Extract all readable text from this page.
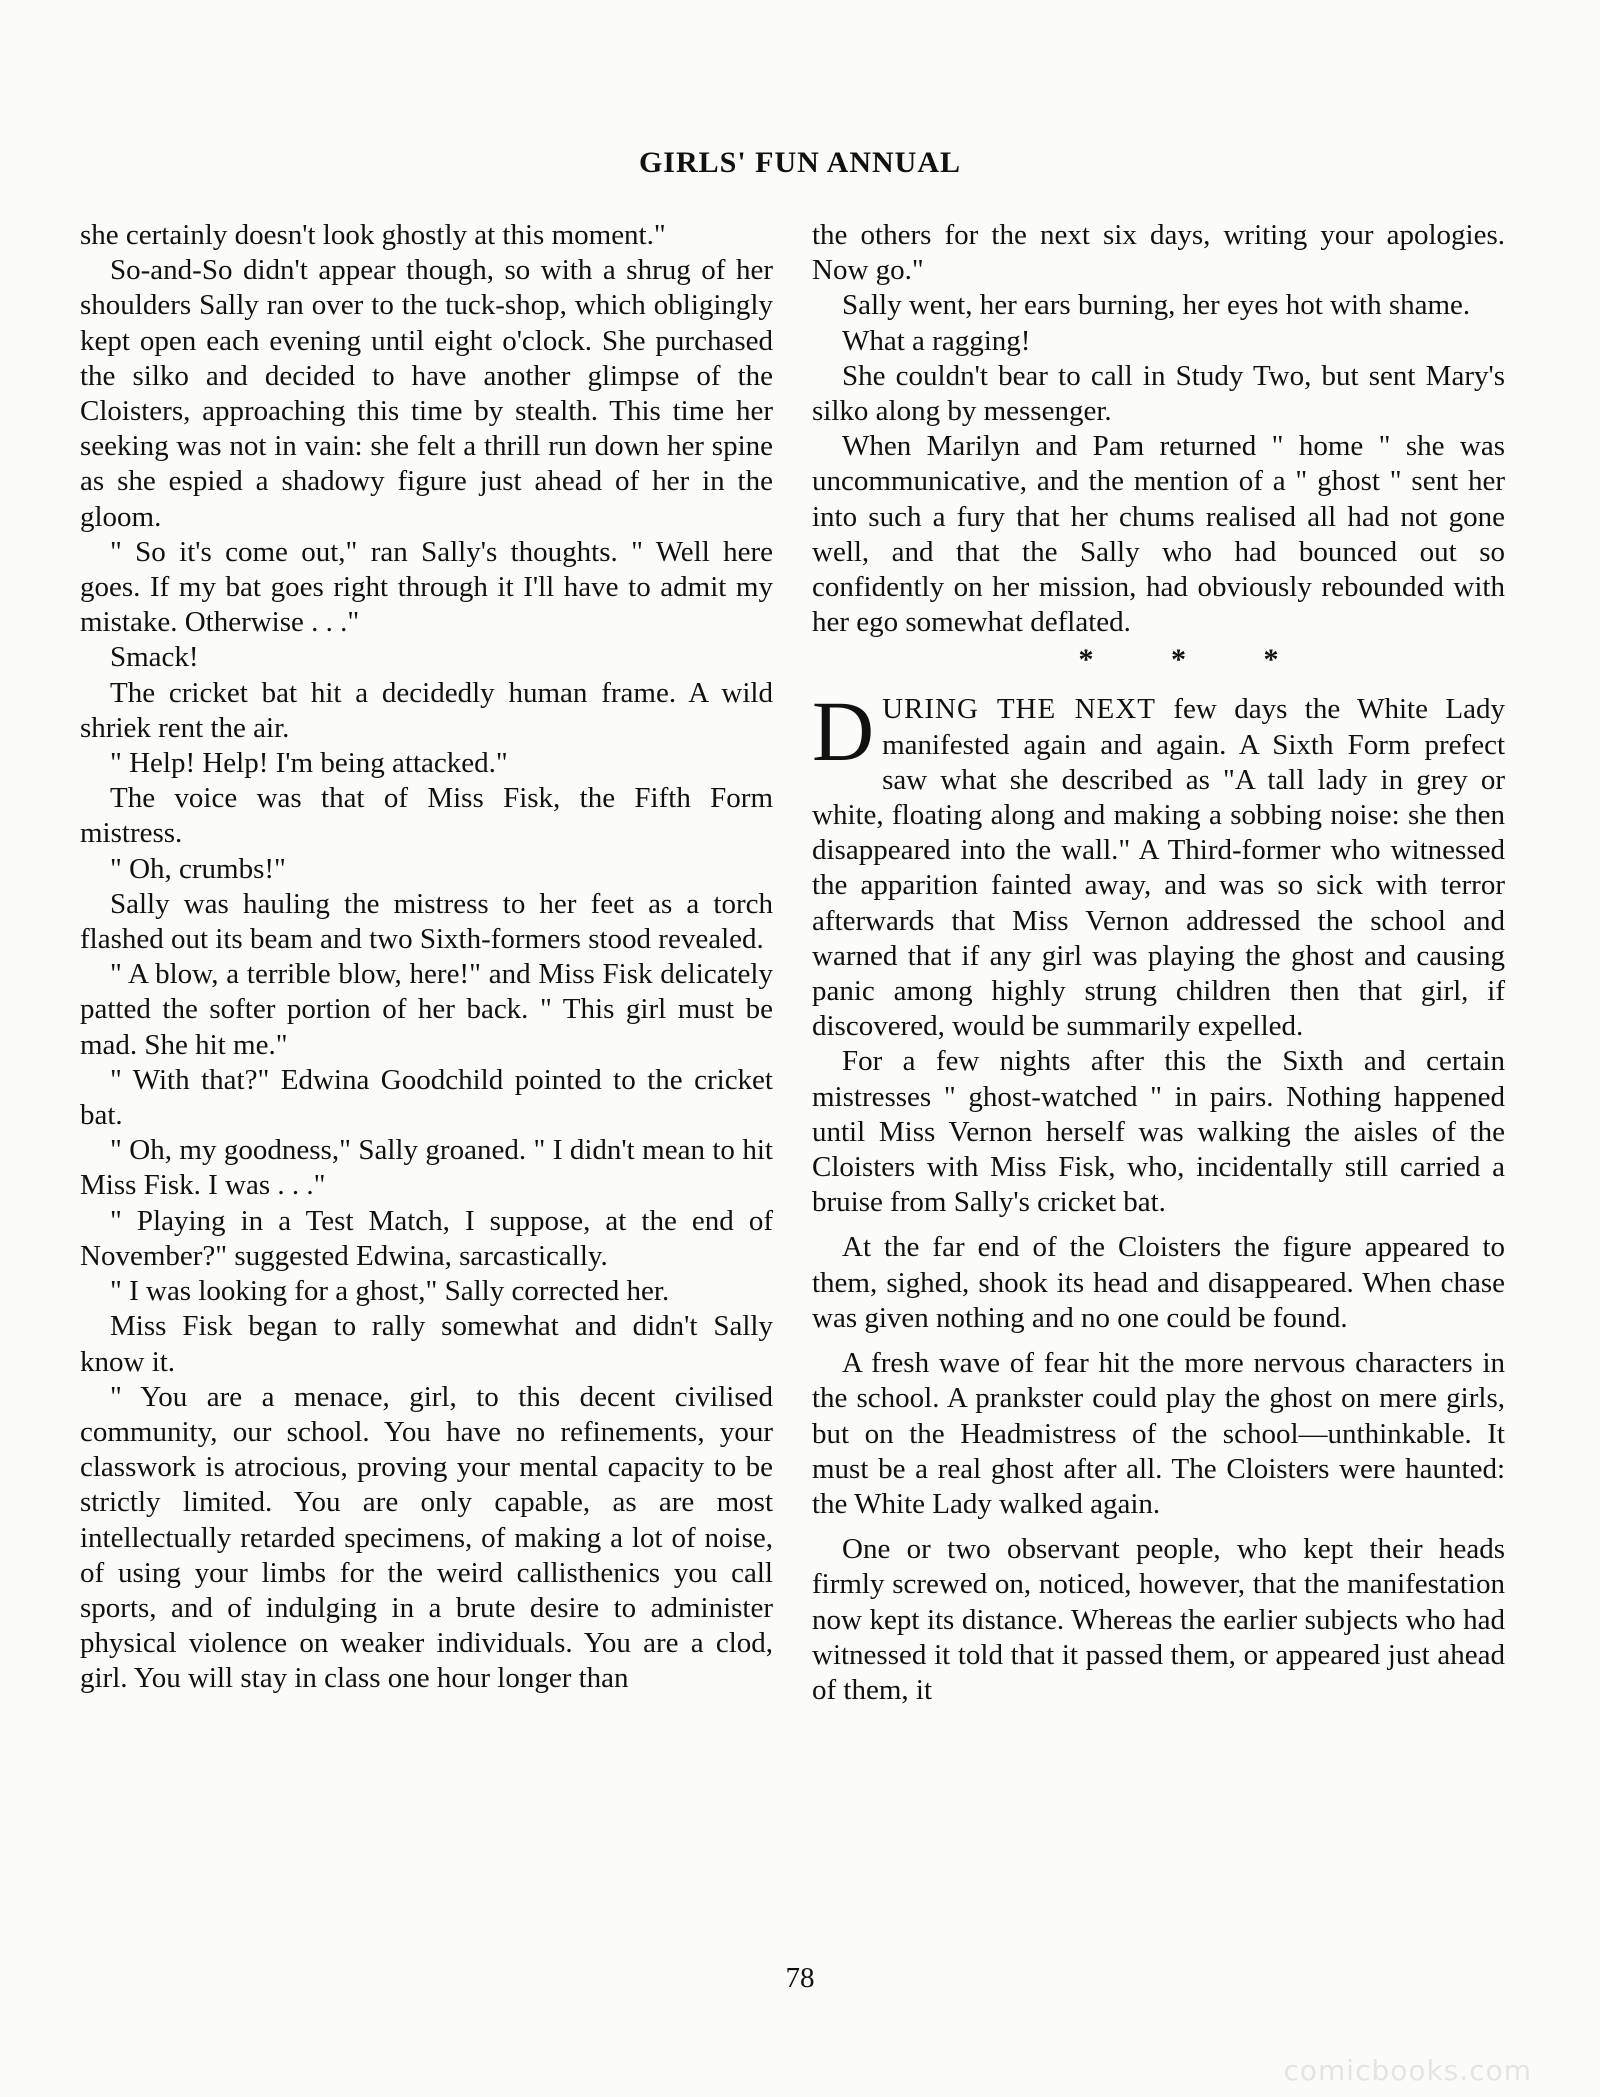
GIRLS' FUN ANNUAL

she certainly doesn't look ghostly at this moment."

So-and-So didn't appear though, so with a shrug of her shoulders Sally ran over to the tuck-shop, which obligingly kept open each evening until eight o'clock. She purchased the silko and decided to have another glimpse of the Cloisters, approaching this time by stealth. This time her seeking was not in vain: she felt a thrill run down her spine as she espied a shadowy figure just ahead of her in the gloom.

" So it's come out," ran Sally's thoughts. " Well here goes. If my bat goes right through it I'll have to admit my mistake. Otherwise . . ."

Smack!

The cricket bat hit a decidedly human frame. A wild shriek rent the air.

" Help! Help! I'm being attacked."

The voice was that of Miss Fisk, the Fifth Form mistress.

" Oh, crumbs!"

Sally was hauling the mistress to her feet as a torch flashed out its beam and two Sixth-formers stood revealed.

" A blow, a terrible blow, here!" and Miss Fisk delicately patted the softer portion of her back. " This girl must be mad. She hit me."

" With that?" Edwina Goodchild pointed to the cricket bat.

" Oh, my goodness," Sally groaned. " I didn't mean to hit Miss Fisk. I was . . ."

" Playing in a Test Match, I suppose, at the end of November?" suggested Edwina, sarcastically.

" I was looking for a ghost," Sally corrected her.

Miss Fisk began to rally somewhat and didn't Sally know it.

" You are a menace, girl, to this decent civilised community, our school. You have no refinements, your classwork is atrocious, proving your mental capacity to be strictly limited. You are only capable, as are most intellectually retarded specimens, of making a lot of noise, of using your limbs for the weird callisthenics you call sports, and of indulging in a brute desire to administer physical violence on weaker individuals. You are a clod, girl. You will stay in class one hour longer than

the others for the next six days, writing your apologies. Now go."

Sally went, her ears burning, her eyes hot with shame.

What a ragging!

She couldn't bear to call in Study Two, but sent Mary's silko along by messenger.

When Marilyn and Pam returned " home " she was uncommunicative, and the mention of a " ghost " sent her into such a fury that her chums realised all had not gone well, and that the Sally who had bounced out so confidently on her mission, had obviously rebounded with her ego somewhat deflated.

* * *

DURING THE NEXT few days the White Lady manifested again and again. A Sixth Form prefect saw what she described as "A tall lady in grey or white, floating along and making a sobbing noise: she then disappeared into the wall." A Third-former who witnessed the apparition fainted away, and was so sick with terror afterwards that Miss Vernon addressed the school and warned that if any girl was playing the ghost and causing panic among highly strung children then that girl, if discovered, would be summarily expelled.

For a few nights after this the Sixth and certain mistresses " ghost-watched " in pairs. Nothing happened until Miss Vernon herself was walking the aisles of the Cloisters with Miss Fisk, who, incidentally still carried a bruise from Sally's cricket bat.

At the far end of the Cloisters the figure appeared to them, sighed, shook its head and disappeared. When chase was given nothing and no one could be found.

A fresh wave of fear hit the more nervous characters in the school. A prankster could play the ghost on mere girls, but on the Headmistress of the school—unthinkable. It must be a real ghost after all. The Cloisters were haunted: the White Lady walked again.

One or two observant people, who kept their heads firmly screwed on, noticed, however, that the manifestation now kept its distance. Whereas the earlier subjects who had witnessed it told that it passed them, or appeared just ahead of them, it

78
comicbooks.com
